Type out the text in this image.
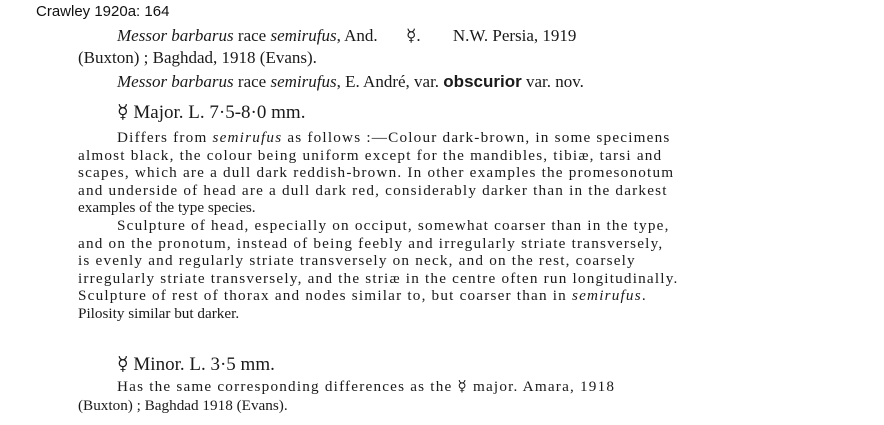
Crawley 1920a: 164
Messor barbarus race semirufus, And. ☿. N.W. Persia, 1919
(Buxton) ; Baghdad, 1918 (Evans).
Messor barbarus race semirufus, E. André, var. obscurior var. nov.
☿ Major. L. 7·5-8·0 mm.
Differs from semirufus as follows :—Colour dark-brown, in some specimens
almost black, the colour being uniform except for the mandibles, tibiæ, tarsi and
scapes, which are a dull dark reddish-brown. In other examples the promesonotum
and underside of head are a dull dark red, considerably darker than in the darkest
examples of the type species.
Sculpture of head, especially on occiput, somewhat coarser than in the type,
and on the pronotum, instead of being feebly and irregularly striate transversely,
is evenly and regularly striate transversely on neck, and on the rest, coarsely
irregularly striate transversely, and the striæ in the centre often run longitudinally.
Sculpture of rest of thorax and nodes similar to, but coarser than in semirufus.
Pilosity similar but darker.
☿ Minor. L. 3·5 mm.
Has the same corresponding differences as the ☿ major. Amara, 1918
(Buxton) ; Baghdad 1918 (Evans).
